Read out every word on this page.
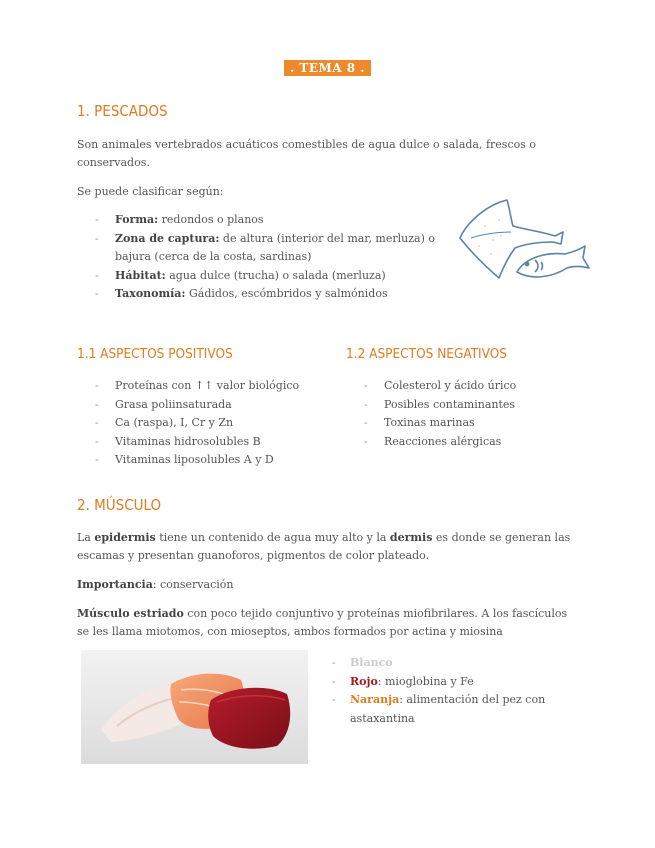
. TEMA 8 .
1. PESCADOS

Son animales vertebrados acuáticos comestibles de agua dulce o salada, frescos o conservados.

Se puede clasificar según:

- Forma: redondos o planos
- Zona de captura: de altura (interior del mar, merluza) o bajura (cerca de la costa, sardinas)
- Hábitat: agua dulce (trucha) o salada (merluza)
- Taxonomía: Gádidos, escómbridos y salmónidos
1.1 ASPECTOS POSITIVOS
- Proteínas con ↑↑ valor biológico
- Grasa poliinsaturada
- Ca (raspa), I, Cr y Zn
- Vitaminas hidrosolubles B
- Vitaminas liposolubles A y D
1.2 ASPECTOS NEGATIVOS
- Colesterol y ácido úrico
- Posibles contaminantes
- Toxinas marinas
- Reacciones alérgicas
2. MÚSCULO

La epidermis tiene un contenido de agua muy alto y la dermis es donde se generan las escamas y presentan guanoforos, pigmentos de color plateado.

Importancia: conservación

Músculo estriado con poco tejido conjuntivo y proteínas miofibrilares. A los fascículos se les llama miotomos, con mioseptos, ambos formados por actina y miosina

- Blanco
- Rojo: mioglobina y Fe
- Naranja: alimentación del pez con astaxantina
